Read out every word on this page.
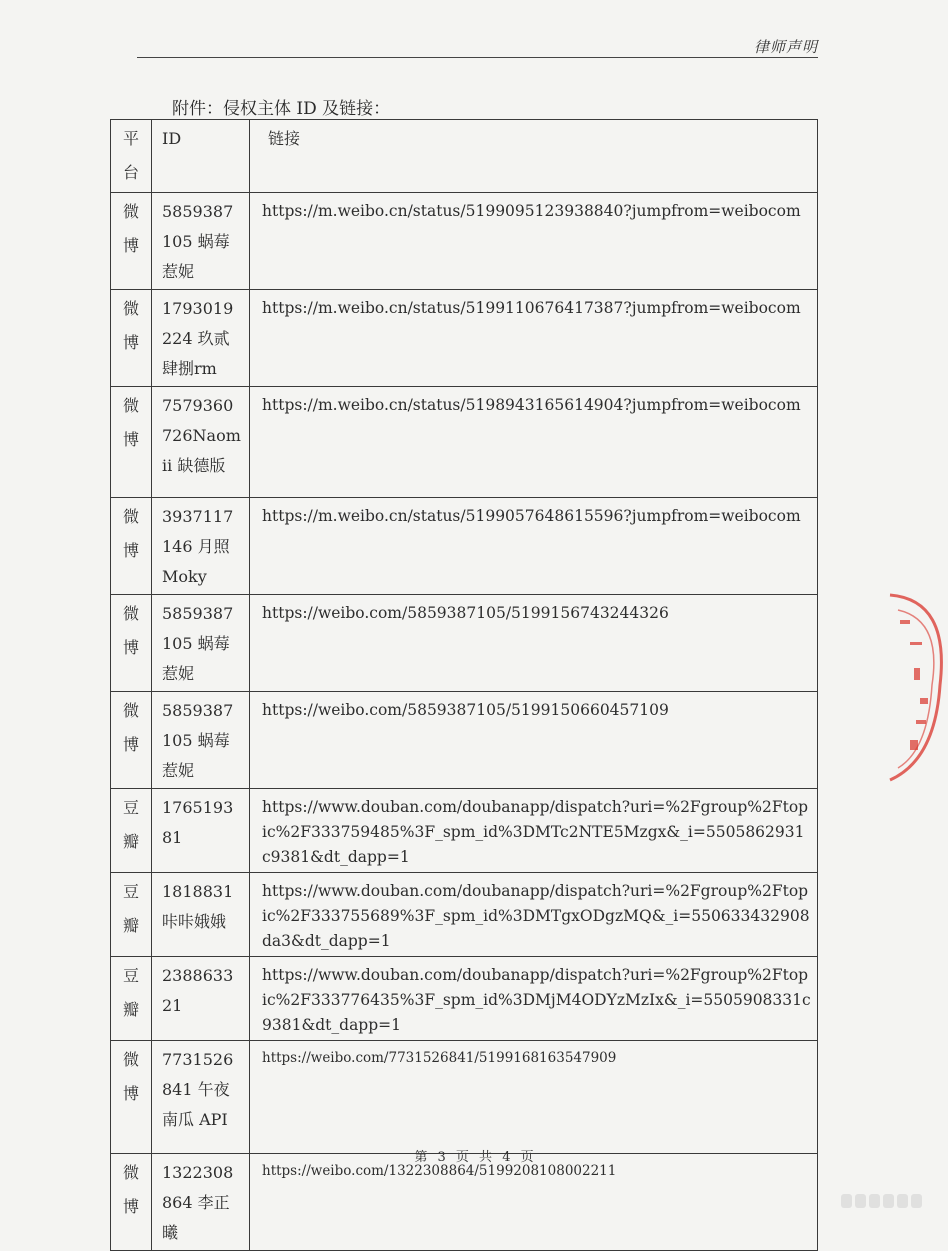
律师声明
附件：侵权主体 ID 及链接：
平台	ID	链接
微博	5859387105 蜗莓惹妮	https://m.weibo.cn/status/5199095123938840?jumpfrom=weibocom
微博	1793019224 玖贰肆捌rm	https://m.weibo.cn/status/5199110676417387?jumpfrom=weibocom
微博	7579360726Naomii 缺德版	https://m.weibo.cn/status/5198943165614904?jumpfrom=weibocom
微博	3937117146 月照 Moky	https://m.weibo.cn/status/5199057648615596?jumpfrom=weibocom
微博	5859387105 蜗莓惹妮	https://weibo.com/5859387105/5199156743244326
微博	5859387105 蜗莓惹妮	https://weibo.com/5859387105/5199150660457109
豆瓣	176519381	https://www.douban.com/doubanapp/dispatch?uri=%2Fgroup%2Ftopic%2F333759485%3F_spm_id%3DMTc2NTE5Mzgx&_i=5505862931c9381&dt_dapp=1
豆瓣	1818831 咔咔娥娥	https://www.douban.com/doubanapp/dispatch?uri=%2Fgroup%2Ftopic%2F333755689%3F_spm_id%3DMTgxODgzMQ&_i=550633432908da3&dt_dapp=1
豆瓣	238863321	https://www.douban.com/doubanapp/dispatch?uri=%2Fgroup%2Ftopic%2F333776435%3F_spm_id%3DMjM4ODYzMzIx&_i=5505908331c9381&dt_dapp=1
微博	7731526841 午夜南瓜 API	https://weibo.com/7731526841/5199168163547909
微博	1322308864 李正曦	https://weibo.com/1322308864/5199208108002211
第 3 页 共 4 页
